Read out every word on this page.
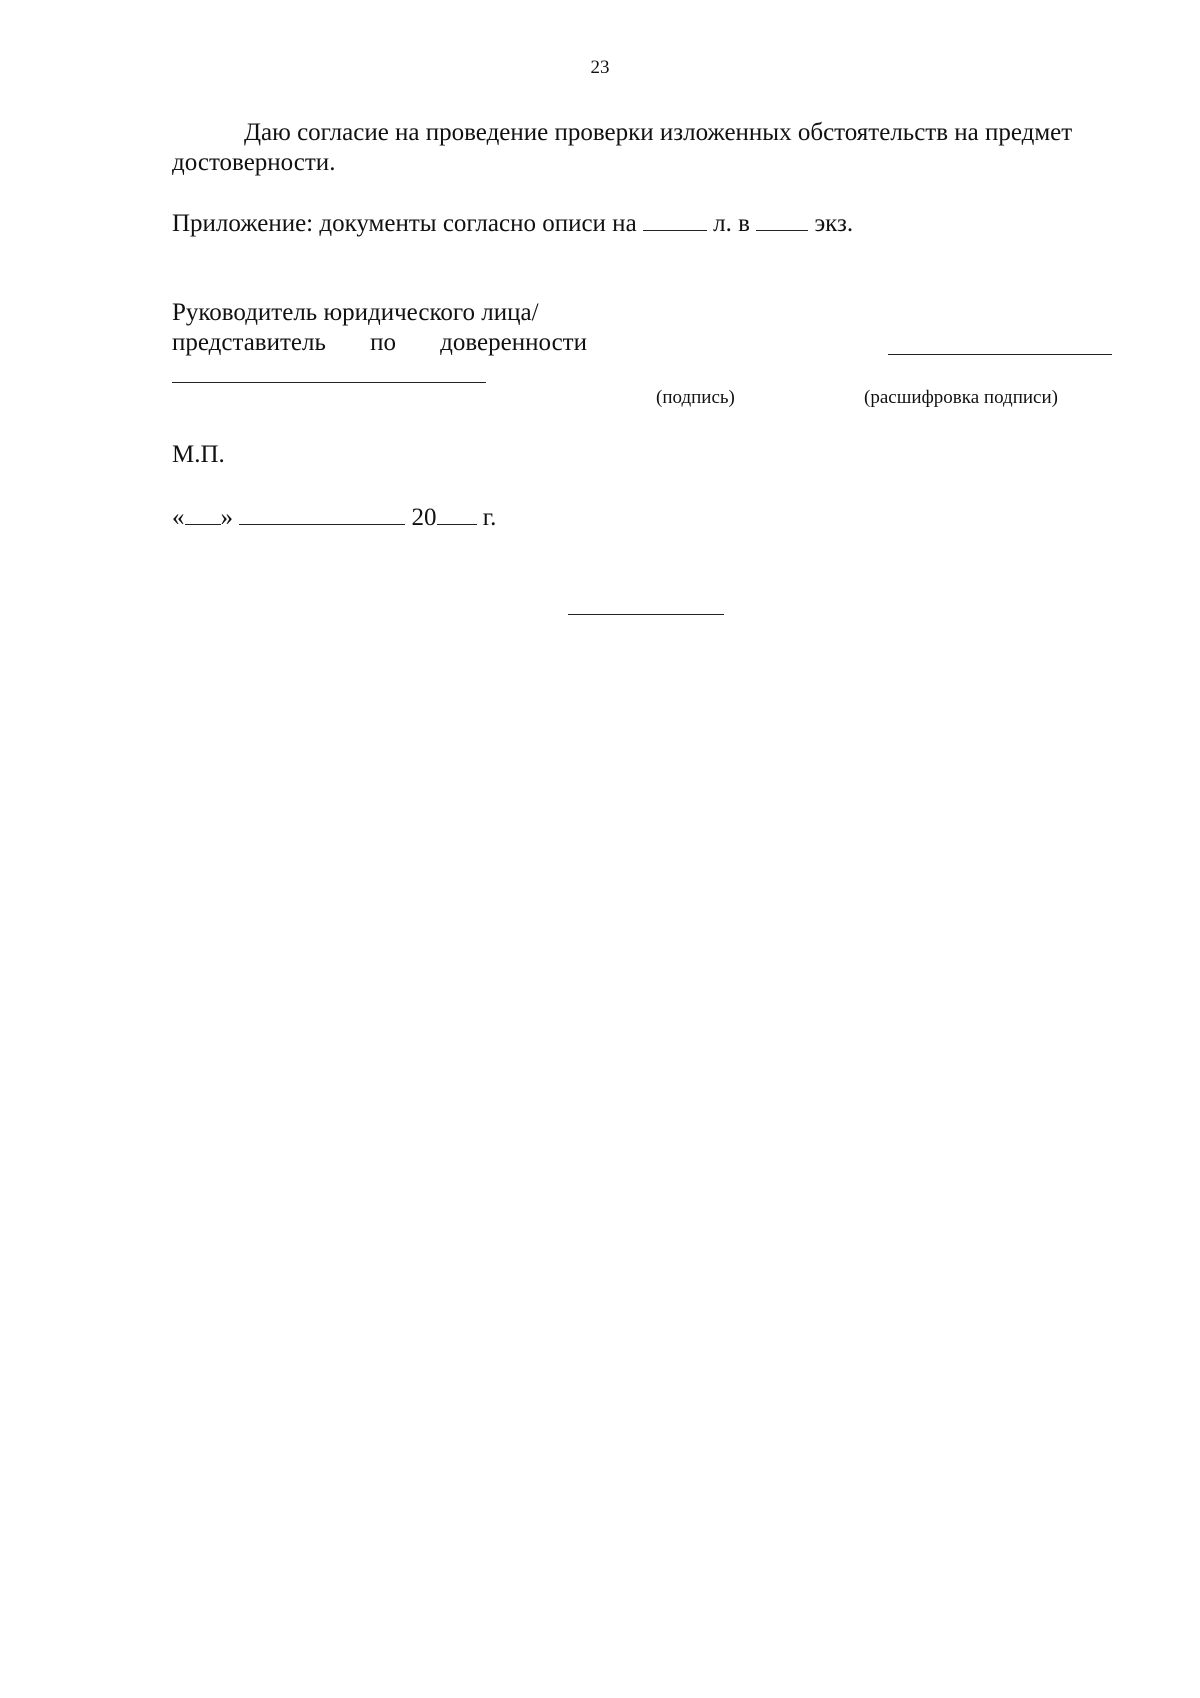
23
Даю согласие на проведение проверки изложенных обстоятельств на предмет
достоверности.
Приложение: документы согласно описи на	л. в	экз.
Руководитель юридического лица/
представитель по доверенности
(подпись)	(расшифровка подписи)
М.П.
« »	20 г.
